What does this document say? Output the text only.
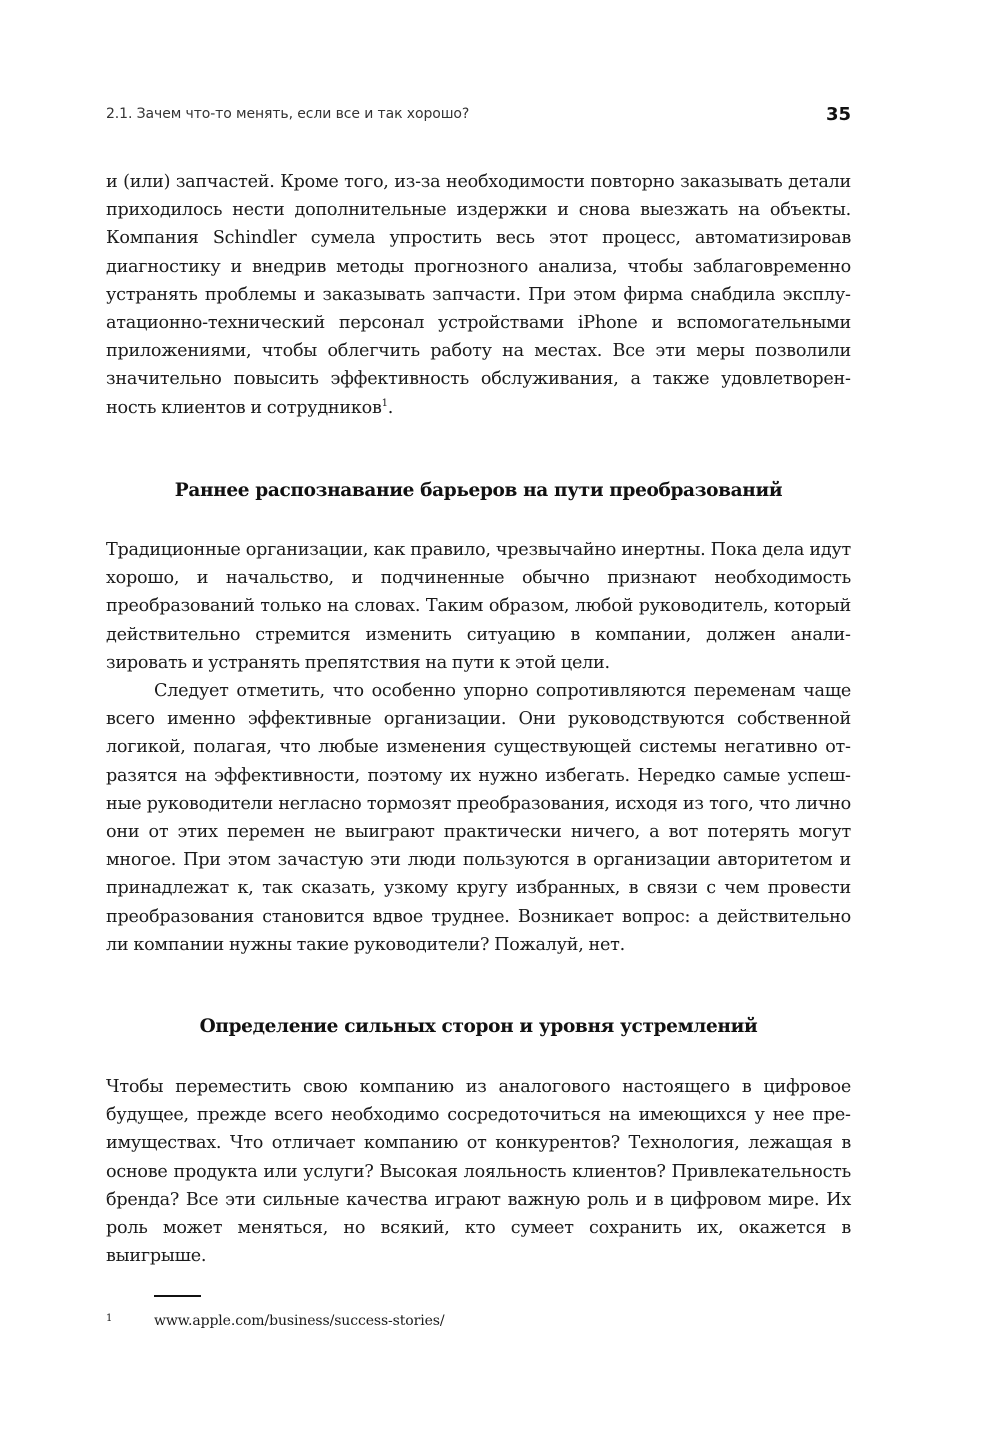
2.1. Зачем что-то менять, если все и так хорошо?	35

и (или) запчастей. Кроме того, из-за необходимости повторно заказывать детали приходилось нести дополнительные издержки и снова выезжать на объекты. Компания Schindler сумела упростить весь этот процесс, автоматизировав диагностику и внедрив методы прогнозного анализа, чтобы заблаговременно устранять проблемы и заказывать запчасти. При этом фирма снабдила эксплуатационно-технический персонал устройствами iPhone и вспомогательными приложениями, чтобы облегчить работу на местах. Все эти меры позволили значительно повысить эффективность обслуживания, а также удовлетворенность клиентов и сотрудников$^1$.

Раннее распознавание барьеров на пути преобразований

Традиционные организации, как правило, чрезвычайно инертны. Пока дела идут хорошо, и начальство, и подчиненные обычно признают необходимость преобразований только на словах. Таким образом, любой руководитель, который действительно стремится изменить ситуацию в компании, должен анализировать и устранять препятствия на пути к этой цели.

Следует отметить, что особенно упорно сопротивляются переменам чаще всего именно эффективные организации. Они руководствуются собственной логикой, полагая, что любые изменения существующей системы негативно отразятся на эффективности, поэтому их нужно избегать. Нередко самые успешные руководители негласно тормозят преобразования, исходя из того, что лично они от этих перемен не выиграют практически ничего, а вот потерять могут многое. При этом зачастую эти люди пользуются в организации авторитетом и принадлежат к, так сказать, узкому кругу избранных, в связи с чем провести преобразования становится вдвое труднее. Возникает вопрос: а действительно ли компании нужны такие руководители? Пожалуй, нет.

Определение сильных сторон и уровня устремлений

Чтобы переместить свою компанию из аналогового настоящего в цифровое будущее, прежде всего необходимо сосредоточиться на имеющихся у нее преимуществах. Что отличает компанию от конкурентов? Технология, лежащая в основе продукта или услуги? Высокая лояльность клиентов? Привлекательность бренда? Все эти сильные качества играют важную роль и в цифровом мире. Их роль может меняться, но всякий, кто сумеет сохранить их, окажется в выигрыше.

1	www.apple.com/business/success-stories/
